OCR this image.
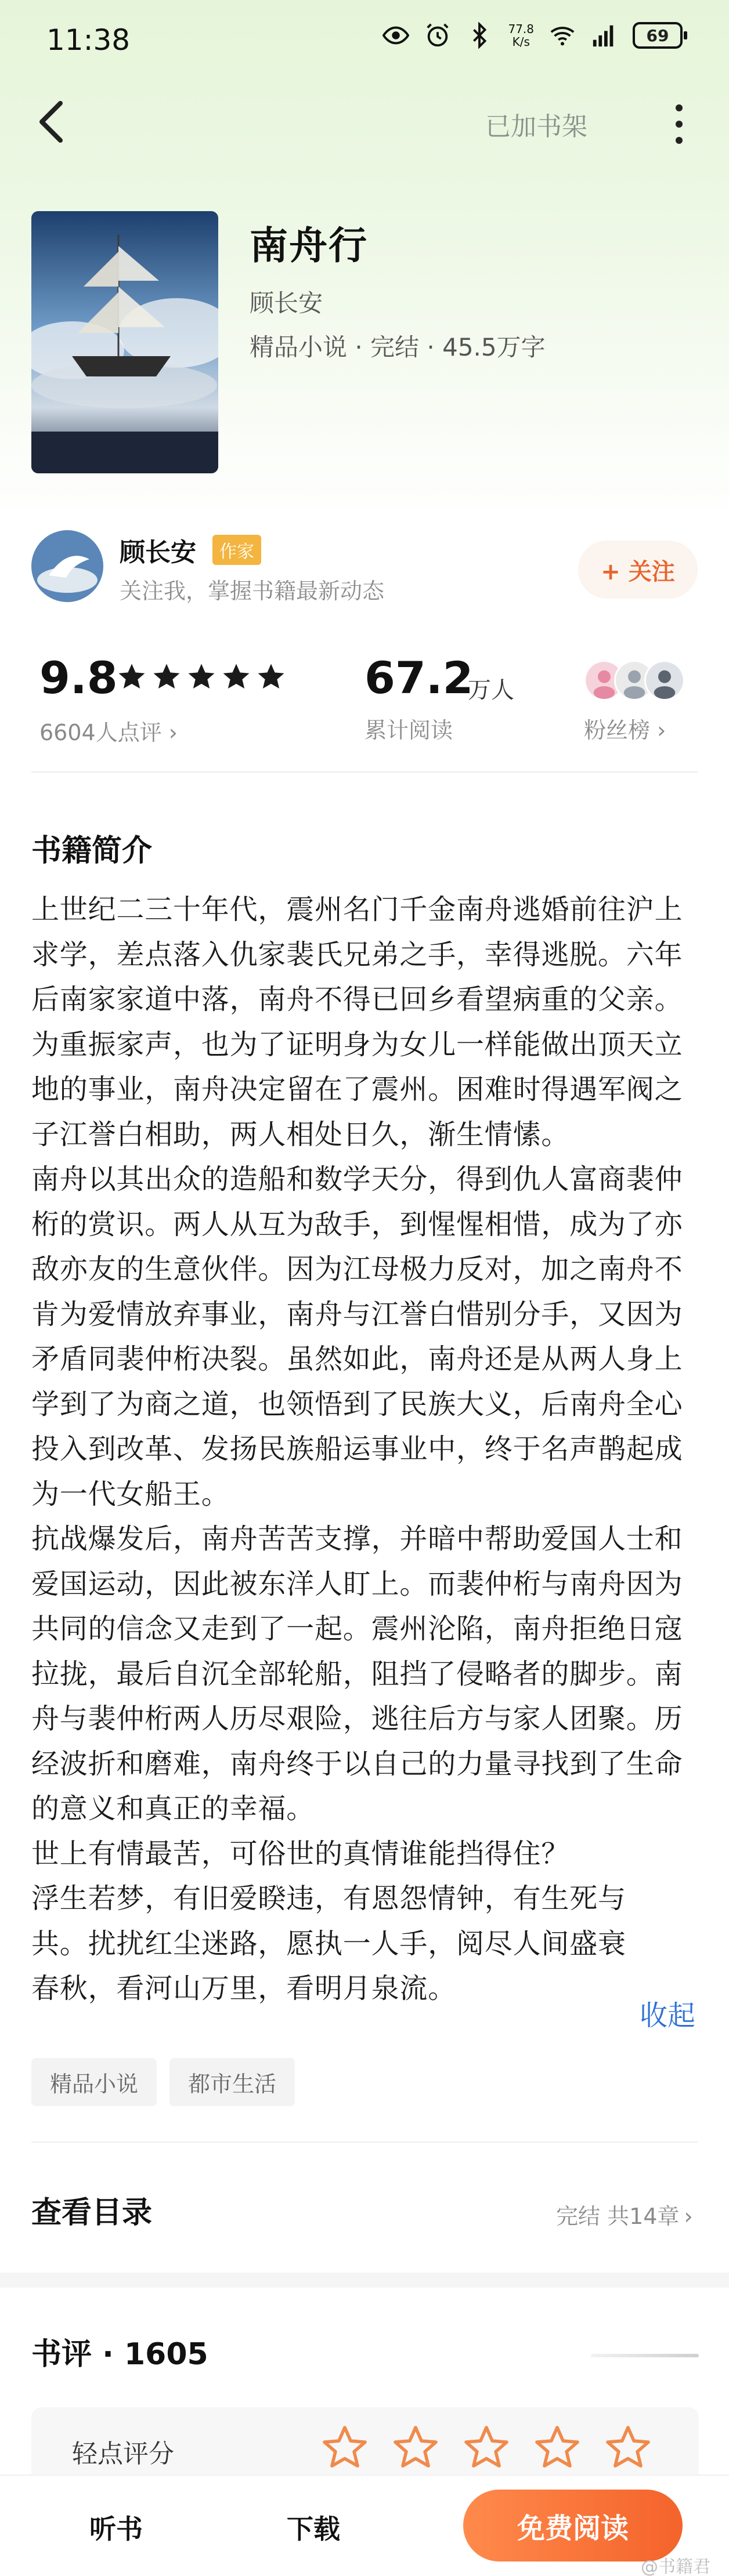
11:38	77.8
K/s	69
已加书架
南舟行
顾长安
精品小说 · 完结 · 45.5万字
顾长安	作家
关注我，掌握书籍最新动态
+ 关注
9.8
6604人点评 ›
67.2
万人
累计阅读	粉丝榜 ›
书籍简介

上世纪二三十年代，震州名门千金南舟逃婚前往沪上求学，差点落入仇家裴氏兄弟之手，幸得逃脱。六年后南家家道中落，南舟不得已回乡看望病重的父亲。为重振家声，也为了证明身为女儿一样能做出顶天立地的事业，南舟决定留在了震州。困难时得遇军阀之子江誉白相助，两人相处日久，渐生情愫。

南舟以其出众的造船和数学天分，得到仇人富商裴仲桁的赏识。两人从互为敌手，到惺惺相惜，成为了亦敌亦友的生意伙伴。因为江母极力反对，加之南舟不肯为爱情放弃事业，南舟与江誉白惜别分手，又因为矛盾同裴仲桁决裂。虽然如此，南舟还是从两人身上学到了为商之道，也领悟到了民族大义，后南舟全心投入到改革、发扬民族船运事业中，终于名声鹊起成为一代女船王。

抗战爆发后，南舟苦苦支撑，并暗中帮助爱国人士和爱国运动，因此被东洋人盯上。而裴仲桁与南舟因为共同的信念又走到了一起。震州沦陷，南舟拒绝日寇拉拢，最后自沉全部轮船，阻挡了侵略者的脚步。南舟与裴仲桁两人历尽艰险，逃往后方与家人团聚。历经波折和磨难，南舟终于以自己的力量寻找到了生命的意义和真正的幸福。

世上有情最苦，可俗世的真情谁能挡得住？

浮生若梦，有旧爱睽违，有恩怨情钟，有生死与共。扰扰红尘迷路，愿执一人手，阅尽人间盛衰春秋，看河山万里，看明月泉流。

收起
精品小说	都市生活
查看目录	完结 共14章 ›
书评 · 1605
轻点评分
听书	下载	免费阅读
@书籍君
